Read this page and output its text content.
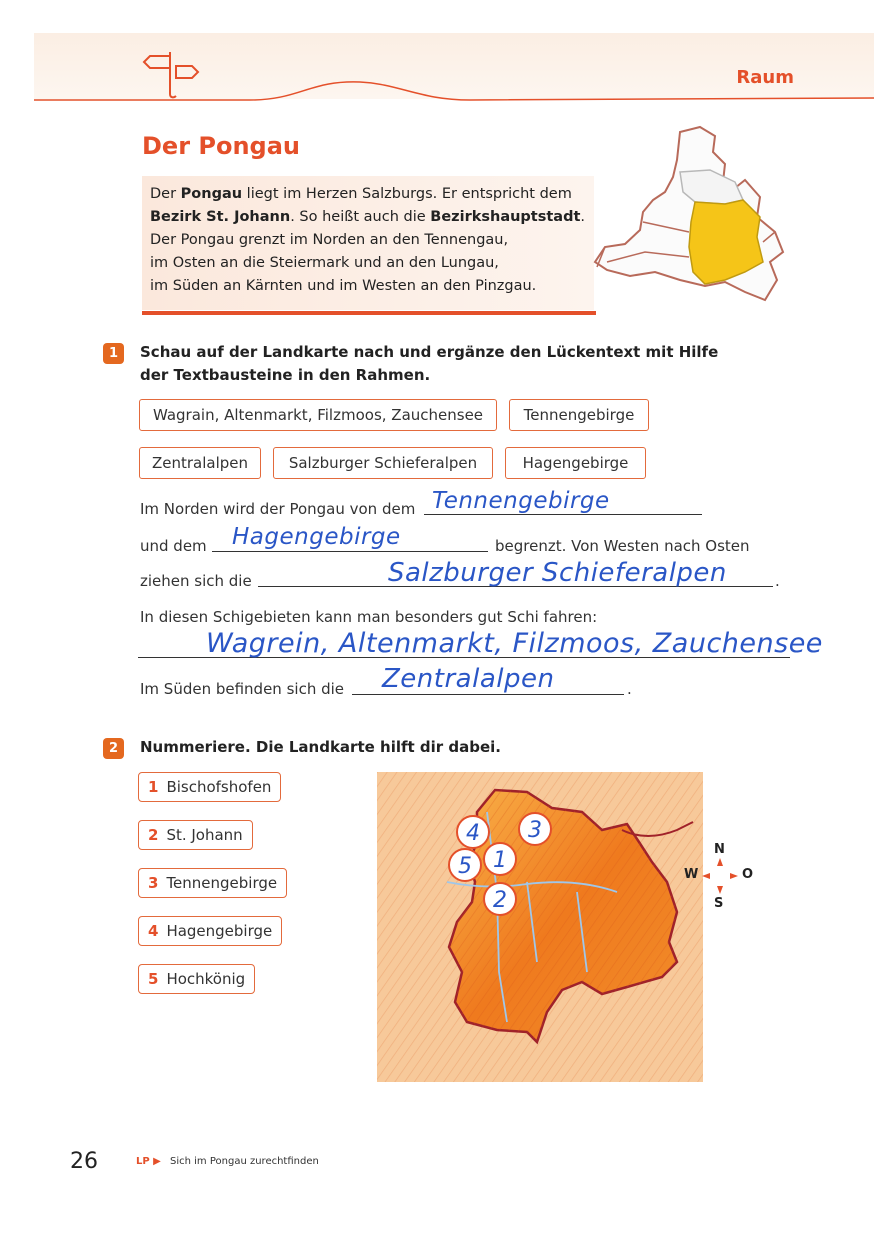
Raum
Der Pongau
Der Pongau liegt im Herzen Salzburgs. Er entspricht dem
Bezirk St. Johann. So heißt auch die Bezirkshauptstadt.
Der Pongau grenzt im Norden an den Tennengau,
im Osten an die Steiermark und an den Lungau,
im Süden an Kärnten und im Westen an den Pinzgau.
1	Schau auf der Landkarte nach und ergänze den Lückentext mit Hilfe
der Textbausteine in den Rahmen.
Wagrain, Altenmarkt, Filzmoos, Zauchensee	Tennengebirge
Zentralalpen	Salzburger Schieferalpen	Hagengebirge
Im Norden wird der Pongau von dem Tennengebirge
und dem Hagengebirge	begrenzt. Von Westen nach Osten
ziehen sich die	Salzburger Schieferalpen	.
In diesen Schigebieten kann man besonders gut Schi fahren:
Wagrein, Altenmarkt, Filzmoos, Zauchensee
Im Süden befinden sich die Zentralalpen	.
2	Nummeriere. Die Landkarte hilft dir dabei.
1 Bischofshofen
2 St. Johann
3 Tennengebirge
4 Hagengebirge
5 Hochkönig
4 3
5 1
2
N
S
W	O
26	LP ▶ Sich im Pongau zurechtfinden
